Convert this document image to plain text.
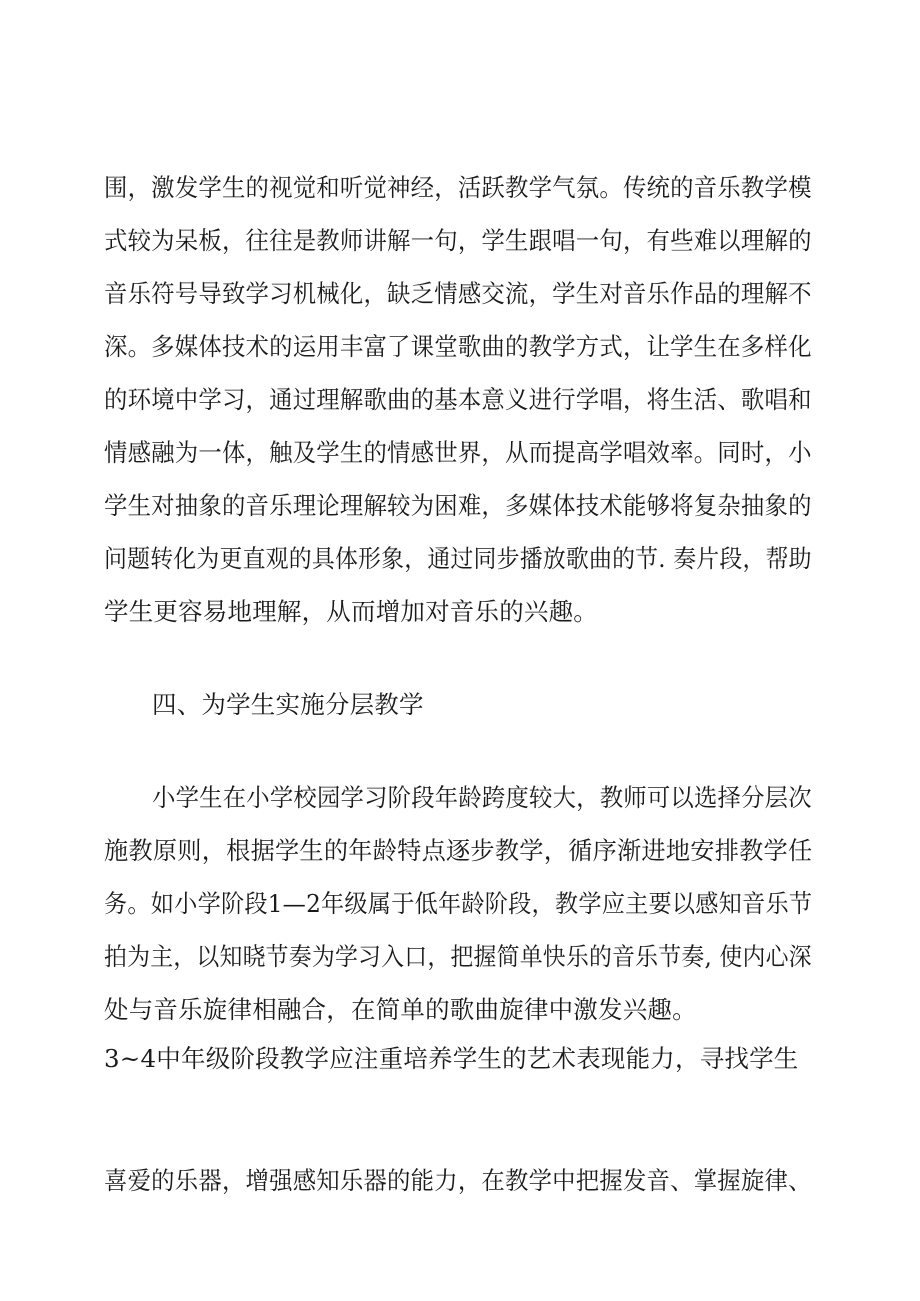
围，激发学生的视觉和听觉神经，活跃教学气氛。传统的音乐教学模
式较为呆板，往往是教师讲解一句，学生跟唱一句，有些难以理解的
音乐符号导致学习机械化，缺乏情感交流，学生对音乐作品的理解不
深。多媒体技术的运用丰富了课堂歌曲的教学方式，让学生在多样化
的环境中学习，通过理解歌曲的基本意义进行学唱，将生活、歌唱和
情感融为一体，触及学生的情感世界，从而提高学唱效率。同时，小
学生对抽象的音乐理论理解较为困难，多媒体技术能够将复杂抽象的
问题转化为更直观的具体形象，通过同步播放歌曲的节. 奏片段，帮助
学生更容易地理解，从而增加对音乐的兴趣。
四、为学生实施分层教学
小学生在小学校园学习阶段年龄跨度较大，教师可以选择分层次
施教原则，根据学生的年龄特点逐步教学，循序渐进地安排教学任
务。如小学阶段1—2年级属于低年龄阶段，教学应主要以感知音乐节
拍为主，以知晓节奏为学习入口，把握简单快乐的音乐节奏, 使内心深
处与音乐旋律相融合，在简单的歌曲旋律中激发兴趣。
3~4中年级阶段教学应注重培养学生的艺术表现能力，寻找学生
喜爱的乐器，增强感知乐器的能力，在教学中把握发音、掌握旋律、
